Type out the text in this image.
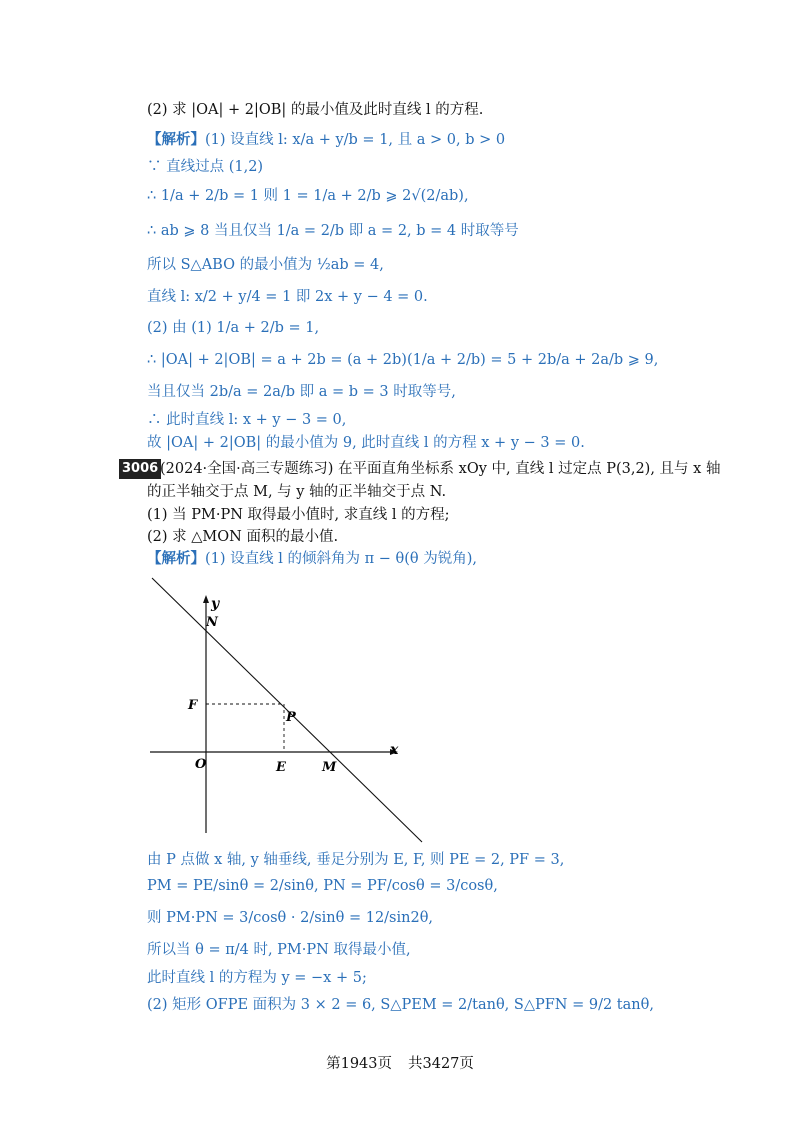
(2) 求 |OA| + 2|OB| 的最小值及此时直线 l 的方程.
【解析】(1) 设直线 l: x/a + y/b = 1, 且 a > 0, b > 0
∵ 直线过点 (1,2)
∴ 1/a + 2/b = 1 则 1 = 1/a + 2/b ⩾ 2√(2/ab),
∴ ab ⩾ 8 当且仅当 1/a = 2/b 即 a = 2, b = 4 时取等号
所以 S△ABO 的最小值为 ½ab = 4,
直线 l: x/2 + y/4 = 1 即 2x + y − 4 = 0.
(2) 由 (1) 1/a + 2/b = 1,
∴ |OA| + 2|OB| = a + 2b = (a + 2b)(1/a + 2/b) = 5 + 2b/a + 2a/b ⩾ 9,
当且仅当 2b/a = 2a/b 即 a = b = 3 时取等号,
∴ 此时直线 l: x + y − 3 = 0,
故 |OA| + 2|OB| 的最小值为 9, 此时直线 l 的方程 x + y − 3 = 0.
3006 (2024·全国·高三专题练习) 在平面直角坐标系 xOy 中, 直线 l 过定点 P(3,2), 且与 x 轴
的正半轴交于点 M, 与 y 轴的正半轴交于点 N.
(1) 当 PM·PN 取得最小值时, 求直线 l 的方程;
(2) 求 △MON 面积的最小值.
【解析】(1) 设直线 l 的倾斜角为 π − θ(θ 为锐角),
y
x
N
F
P
O	E	M
由 P 点做 x 轴, y 轴垂线, 垂足分别为 E, F, 则 PE = 2, PF = 3,
PM = PE/sinθ = 2/sinθ, PN = PF/cosθ = 3/cosθ,
则 PM·PN = 3/cosθ · 2/sinθ = 12/sin2θ,
所以当 θ = π/4 时, PM·PN 取得最小值,
此时直线 l 的方程为 y = −x + 5;
(2) 矩形 OFPE 面积为 3 × 2 = 6, S△PEM = 2/tanθ, S△PFN = 9/2 tanθ,
第1943页 共3427页
